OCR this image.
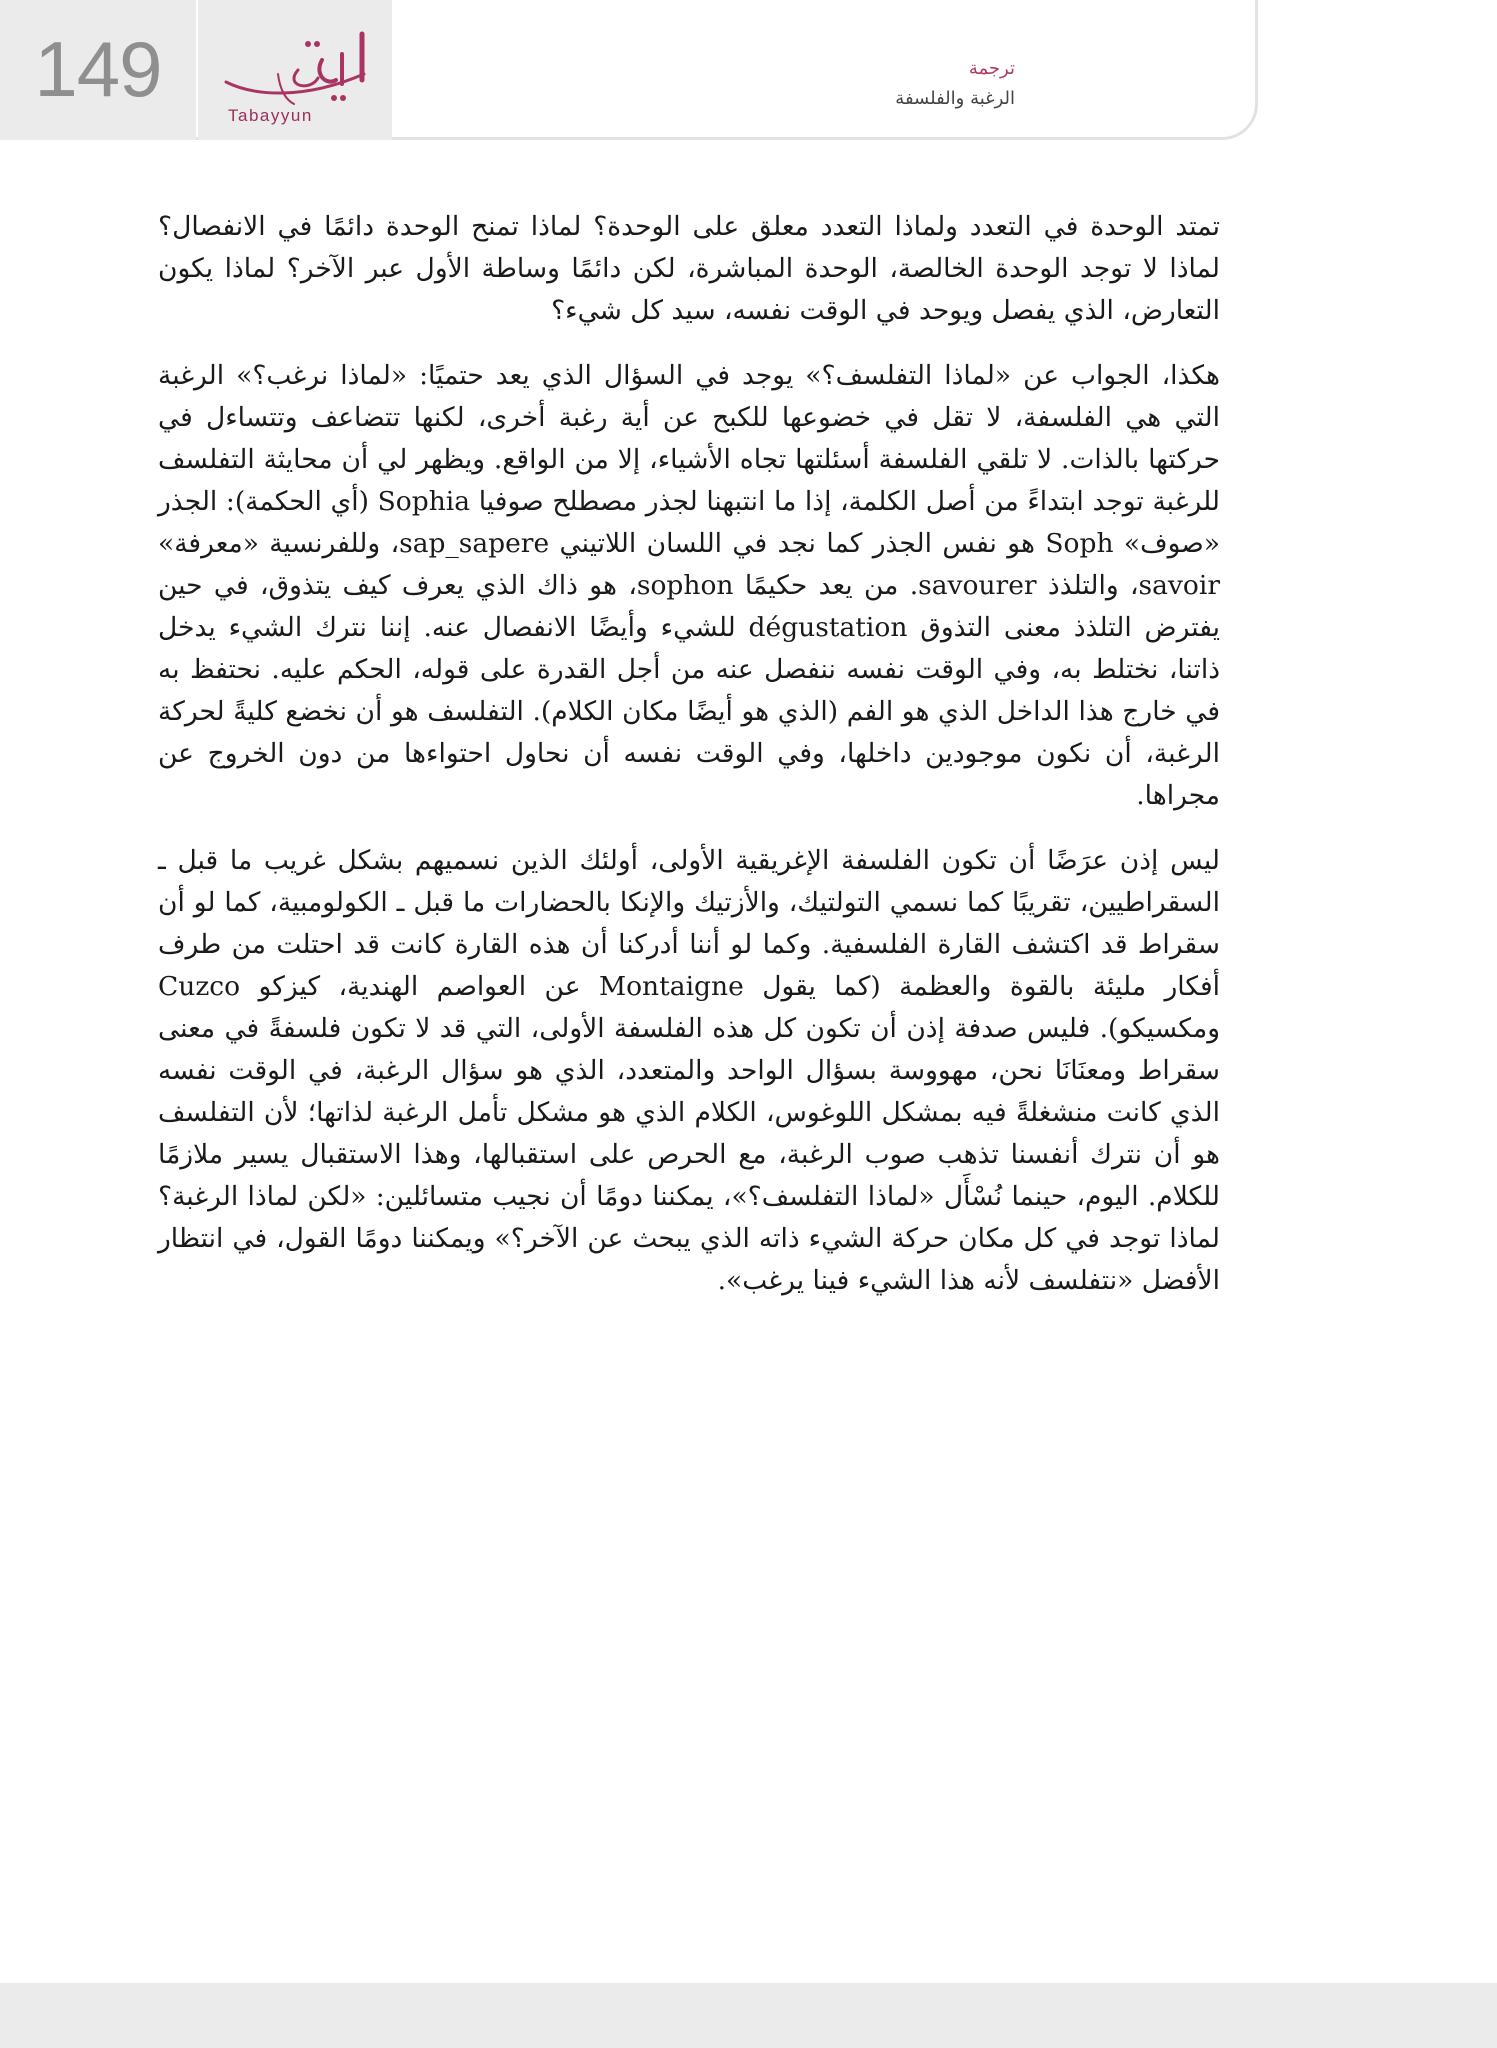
149
Tabayyun
ترجمة
الرغبة والفلسفة

تمتد الوحدة في التعدد ولماذا التعدد معلق على الوحدة؟ لماذا تمنح الوحدة دائمًا في الانفصال؟ لماذا لا توجد الوحدة الخالصة، الوحدة المباشرة، لكن دائمًا وساطة الأول عبر الآخر؟ لماذا يكون التعارض، الذي يفصل ويوحد في الوقت نفسه، سيد كل شيء؟

هكذا، الجواب عن «لماذا التفلسف؟» يوجد في السؤال الذي يعد حتميًا: «لماذا نرغب؟» الرغبة التي هي الفلسفة، لا تقل في خضوعها للكبح عن أية رغبة أخرى، لكنها تتضاعف وتتساءل في حركتها بالذات. لا تلقي الفلسفة أسئلتها تجاه الأشياء، إلا من الواقع. ويظهر لي أن محايثة التفلسف للرغبة توجد ابتداءً من أصل الكلمة، إذا ما انتبهنا لجذر مصطلح صوفيا Sophia (أي الحكمة): الجذر «صوف» Soph هو نفس الجذر كما نجد في اللسان اللاتيني sap_sapere، وللفرنسية «معرفة» savoir، والتلذذ savourer. من يعد حكيمًا sophon، هو ذاك الذي يعرف كيف يتذوق، في حين يفترض التلذذ معنى التذوق dégustation للشيء وأيضًا الانفصال عنه. إننا نترك الشيء يدخل ذاتنا، نختلط به، وفي الوقت نفسه ننفصل عنه من أجل القدرة على قوله، الحكم عليه. نحتفظ به في خارج هذا الداخل الذي هو الفم (الذي هو أيضًا مكان الكلام). التفلسف هو أن نخضع كليةً لحركة الرغبة، أن نكون موجودين داخلها، وفي الوقت نفسه أن نحاول احتواءها من دون الخروج عن مجراها.

ليس إذن عرَضًا أن تكون الفلسفة الإغريقية الأولى، أولئك الذين نسميهم بشكل غريب ما قبل ـ السقراطيين، تقريبًا كما نسمي التولتيك، والأزتيك والإنكا بالحضارات ما قبل ـ الكولومبية، كما لو أن سقراط قد اكتشف القارة الفلسفية. وكما لو أننا أدركنا أن هذه القارة كانت قد احتلت من طرف أفكار مليئة بالقوة والعظمة (كما يقول Montaigne عن العواصم الهندية، كيزكو Cuzco ومكسيكو). فليس صدفة إذن أن تكون كل هذه الفلسفة الأولى، التي قد لا تكون فلسفةً في معنى سقراط ومعنَانَا نحن، مهووسة بسؤال الواحد والمتعدد، الذي هو سؤال الرغبة، في الوقت نفسه الذي كانت منشغلةً فيه بمشكل اللوغوس، الكلام الذي هو مشكل تأمل الرغبة لذاتها؛ لأن التفلسف هو أن نترك أنفسنا تذهب صوب الرغبة، مع الحرص على استقبالها، وهذا الاستقبال يسير ملازمًا للكلام. اليوم، حينما نُسْأَل «لماذا التفلسف؟»، يمكننا دومًا أن نجيب متسائلين: «لكن لماذا الرغبة؟ لماذا توجد في كل مكان حركة الشيء ذاته الذي يبحث عن الآخر؟» ويمكننا دومًا القول، في انتظار الأفضل «نتفلسف لأنه هذا الشيء فينا يرغب».
